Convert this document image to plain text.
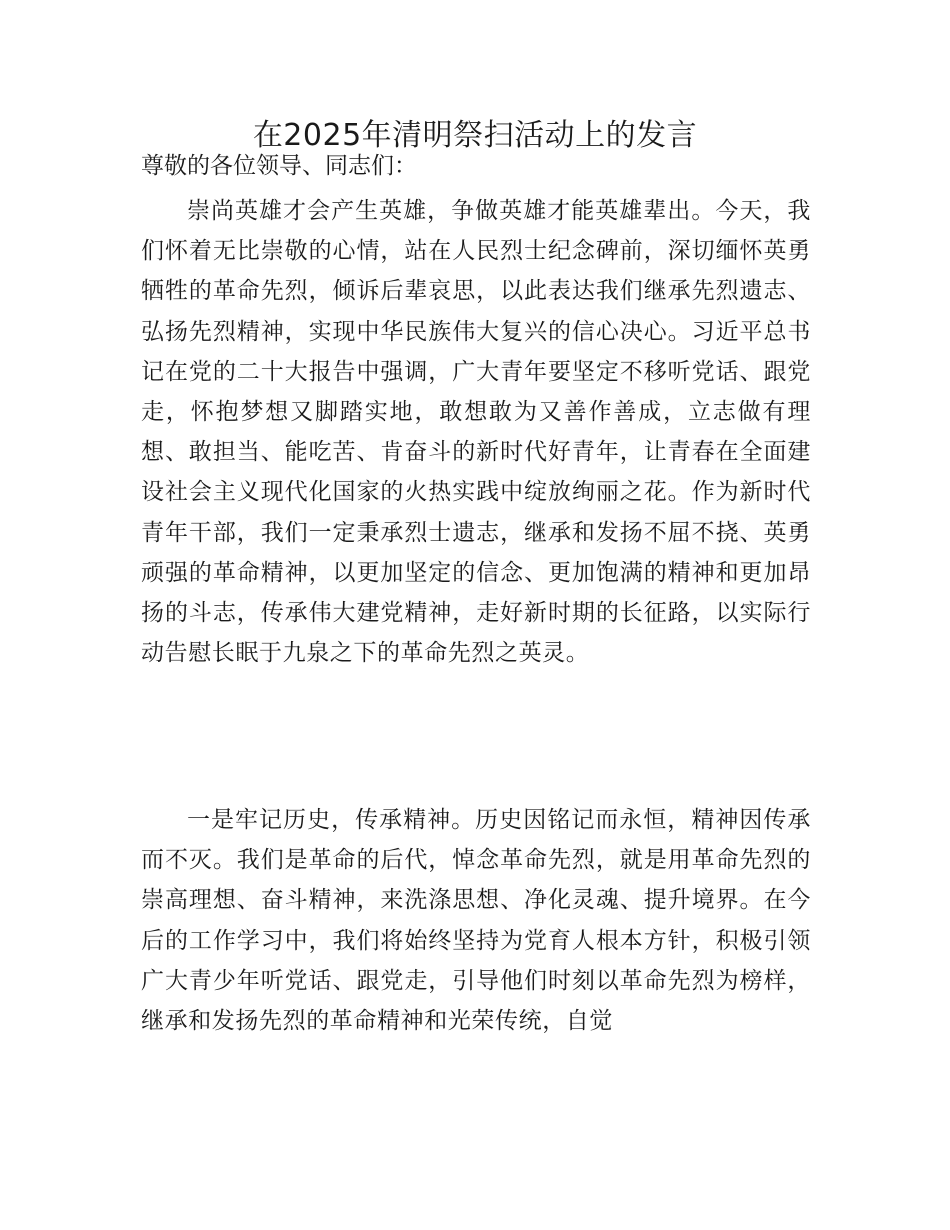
在2025年清明祭扫活动上的发言

尊敬的各位领导、同志们：

崇尚英雄才会产生英雄，争做英雄才能英雄辈出。今天，我们怀着无比崇敬的心情，站在人民烈士纪念碑前，深切缅怀英勇牺牲的革命先烈，倾诉后辈哀思，以此表达我们继承先烈遗志、弘扬先烈精神，实现中华民族伟大复兴的信心决心。习近平总书记在党的二十大报告中强调，广大青年要坚定不移听党话、跟党走，怀抱梦想又脚踏实地，敢想敢为又善作善成，立志做有理想、敢担当、能吃苦、肯奋斗的新时代好青年，让青春在全面建设社会主义现代化国家的火热实践中绽放绚丽之花。作为新时代青年干部，我们一定秉承烈士遗志，继承和发扬不屈不挠、英勇顽强的革命精神，以更加坚定的信念、更加饱满的精神和更加昂扬的斗志，传承伟大建党精神，走好新时期的长征路，以实际行动告慰长眠于九泉之下的革命先烈之英灵。

一是牢记历史，传承精神。历史因铭记而永恒，精神因传承而不灭。我们是革命的后代，悼念革命先烈，就是用革命先烈的崇高理想、奋斗精神，来洗涤思想、净化灵魂、提升境界。在今后的工作学习中，我们将始终坚持为党育人根本方针，积极引领广大青少年听党话、跟党走，引导他们时刻以革命先烈为榜样，继承和发扬先烈的革命精神和光荣传统，自觉
